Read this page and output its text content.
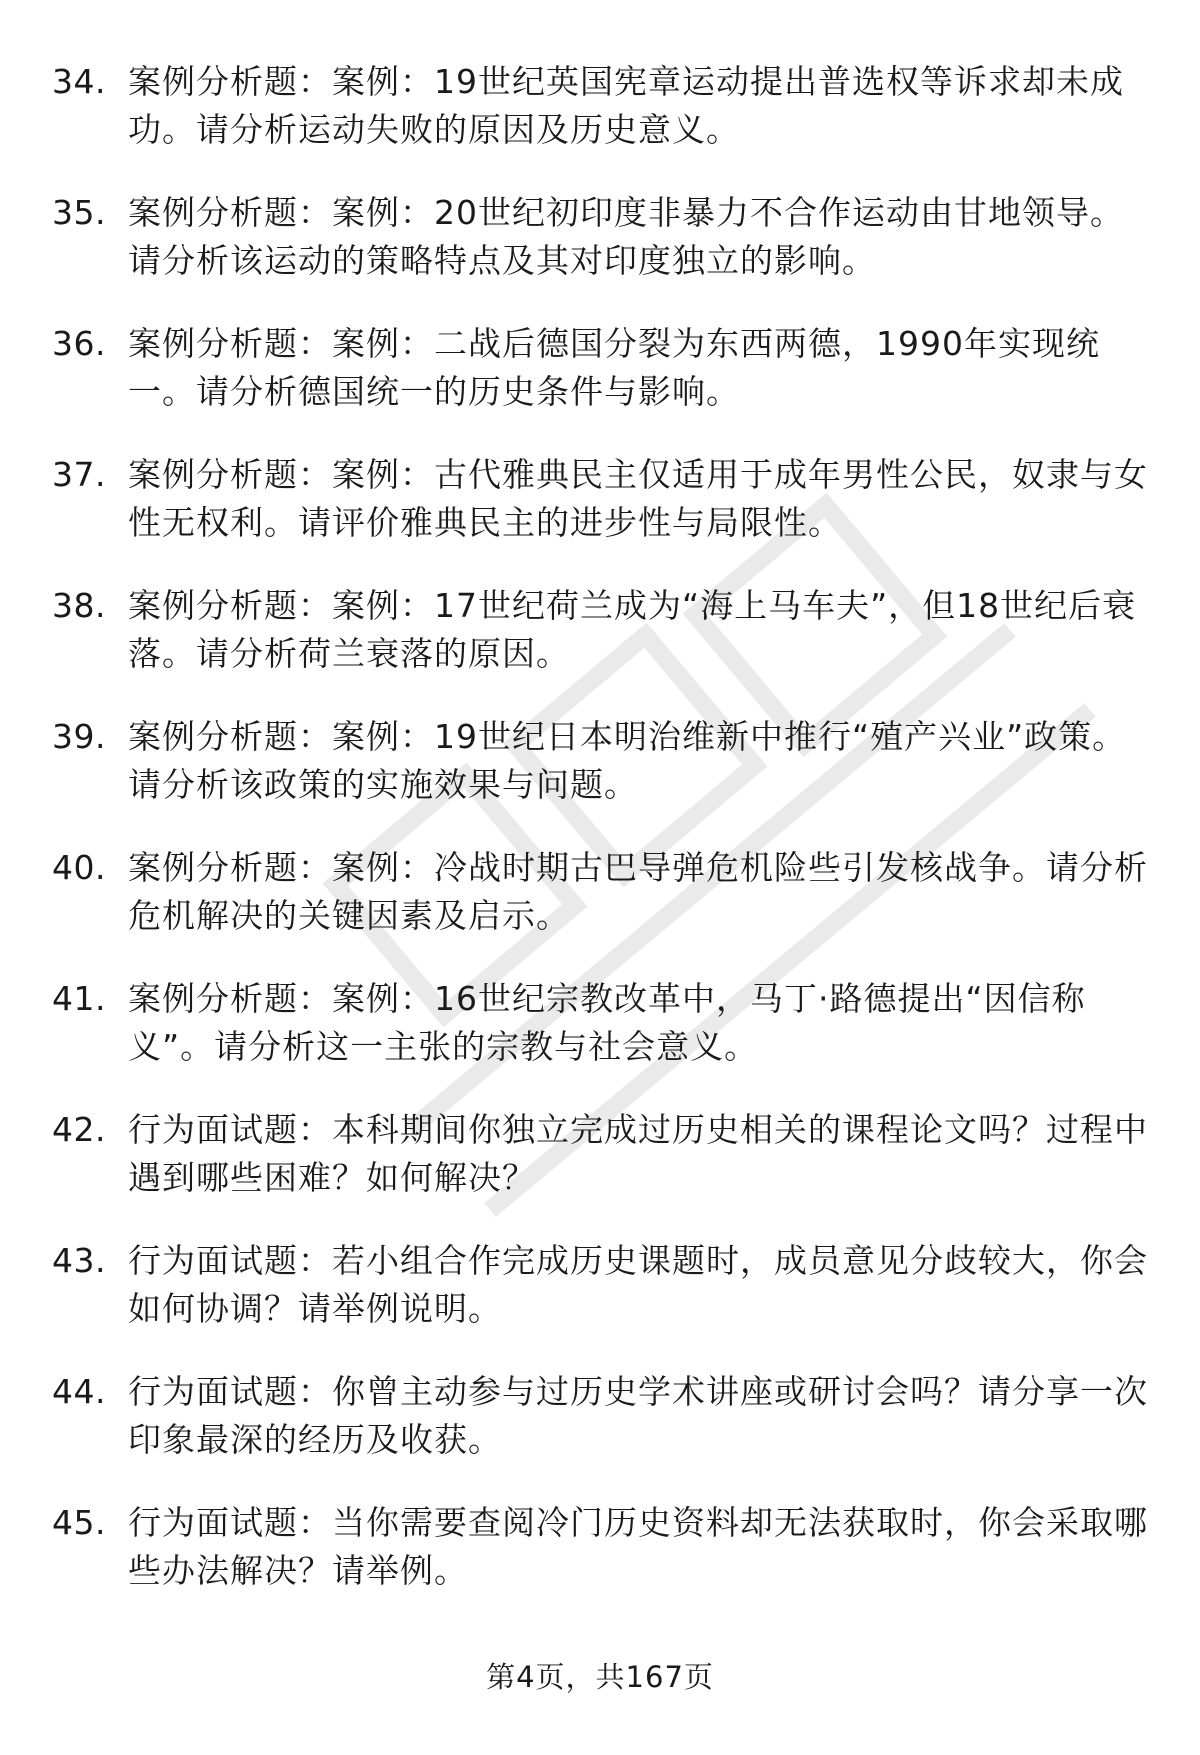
34. 案例分析题：案例：19世纪英国宪章运动提出普选权等诉求却未成功。请分析运动失败的原因及历史意义。
35. 案例分析题：案例：20世纪初印度非暴力不合作运动由甘地领导。请分析该运动的策略特点及其对印度独立的影响。
36. 案例分析题：案例：二战后德国分裂为东西两德，1990年实现统一。请分析德国统一的历史条件与影响。
37. 案例分析题：案例：古代雅典民主仅适用于成年男性公民，奴隶与女性无权利。请评价雅典民主的进步性与局限性。
38. 案例分析题：案例：17世纪荷兰成为“海上马车夫”，但18世纪后衰落。请分析荷兰衰落的原因。
39. 案例分析题：案例：19世纪日本明治维新中推行“殖产兴业”政策。请分析该政策的实施效果与问题。
40. 案例分析题：案例：冷战时期古巴导弹危机险些引发核战争。请分析危机解决的关键因素及启示。
41. 案例分析题：案例：16世纪宗教改革中，马丁·路德提出“因信称义”。请分析这一主张的宗教与社会意义。
42. 行为面试题：本科期间你独立完成过历史相关的课程论文吗？过程中遇到哪些困难？如何解决？
43. 行为面试题：若小组合作完成历史课题时，成员意见分歧较大，你会如何协调？请举例说明。
44. 行为面试题：你曾主动参与过历史学术讲座或研讨会吗？请分享一次印象最深的经历及收获。
45. 行为面试题：当你需要查阅冷门历史资料却无法获取时，你会采取哪些办法解决？请举例。
第4页，共167页
